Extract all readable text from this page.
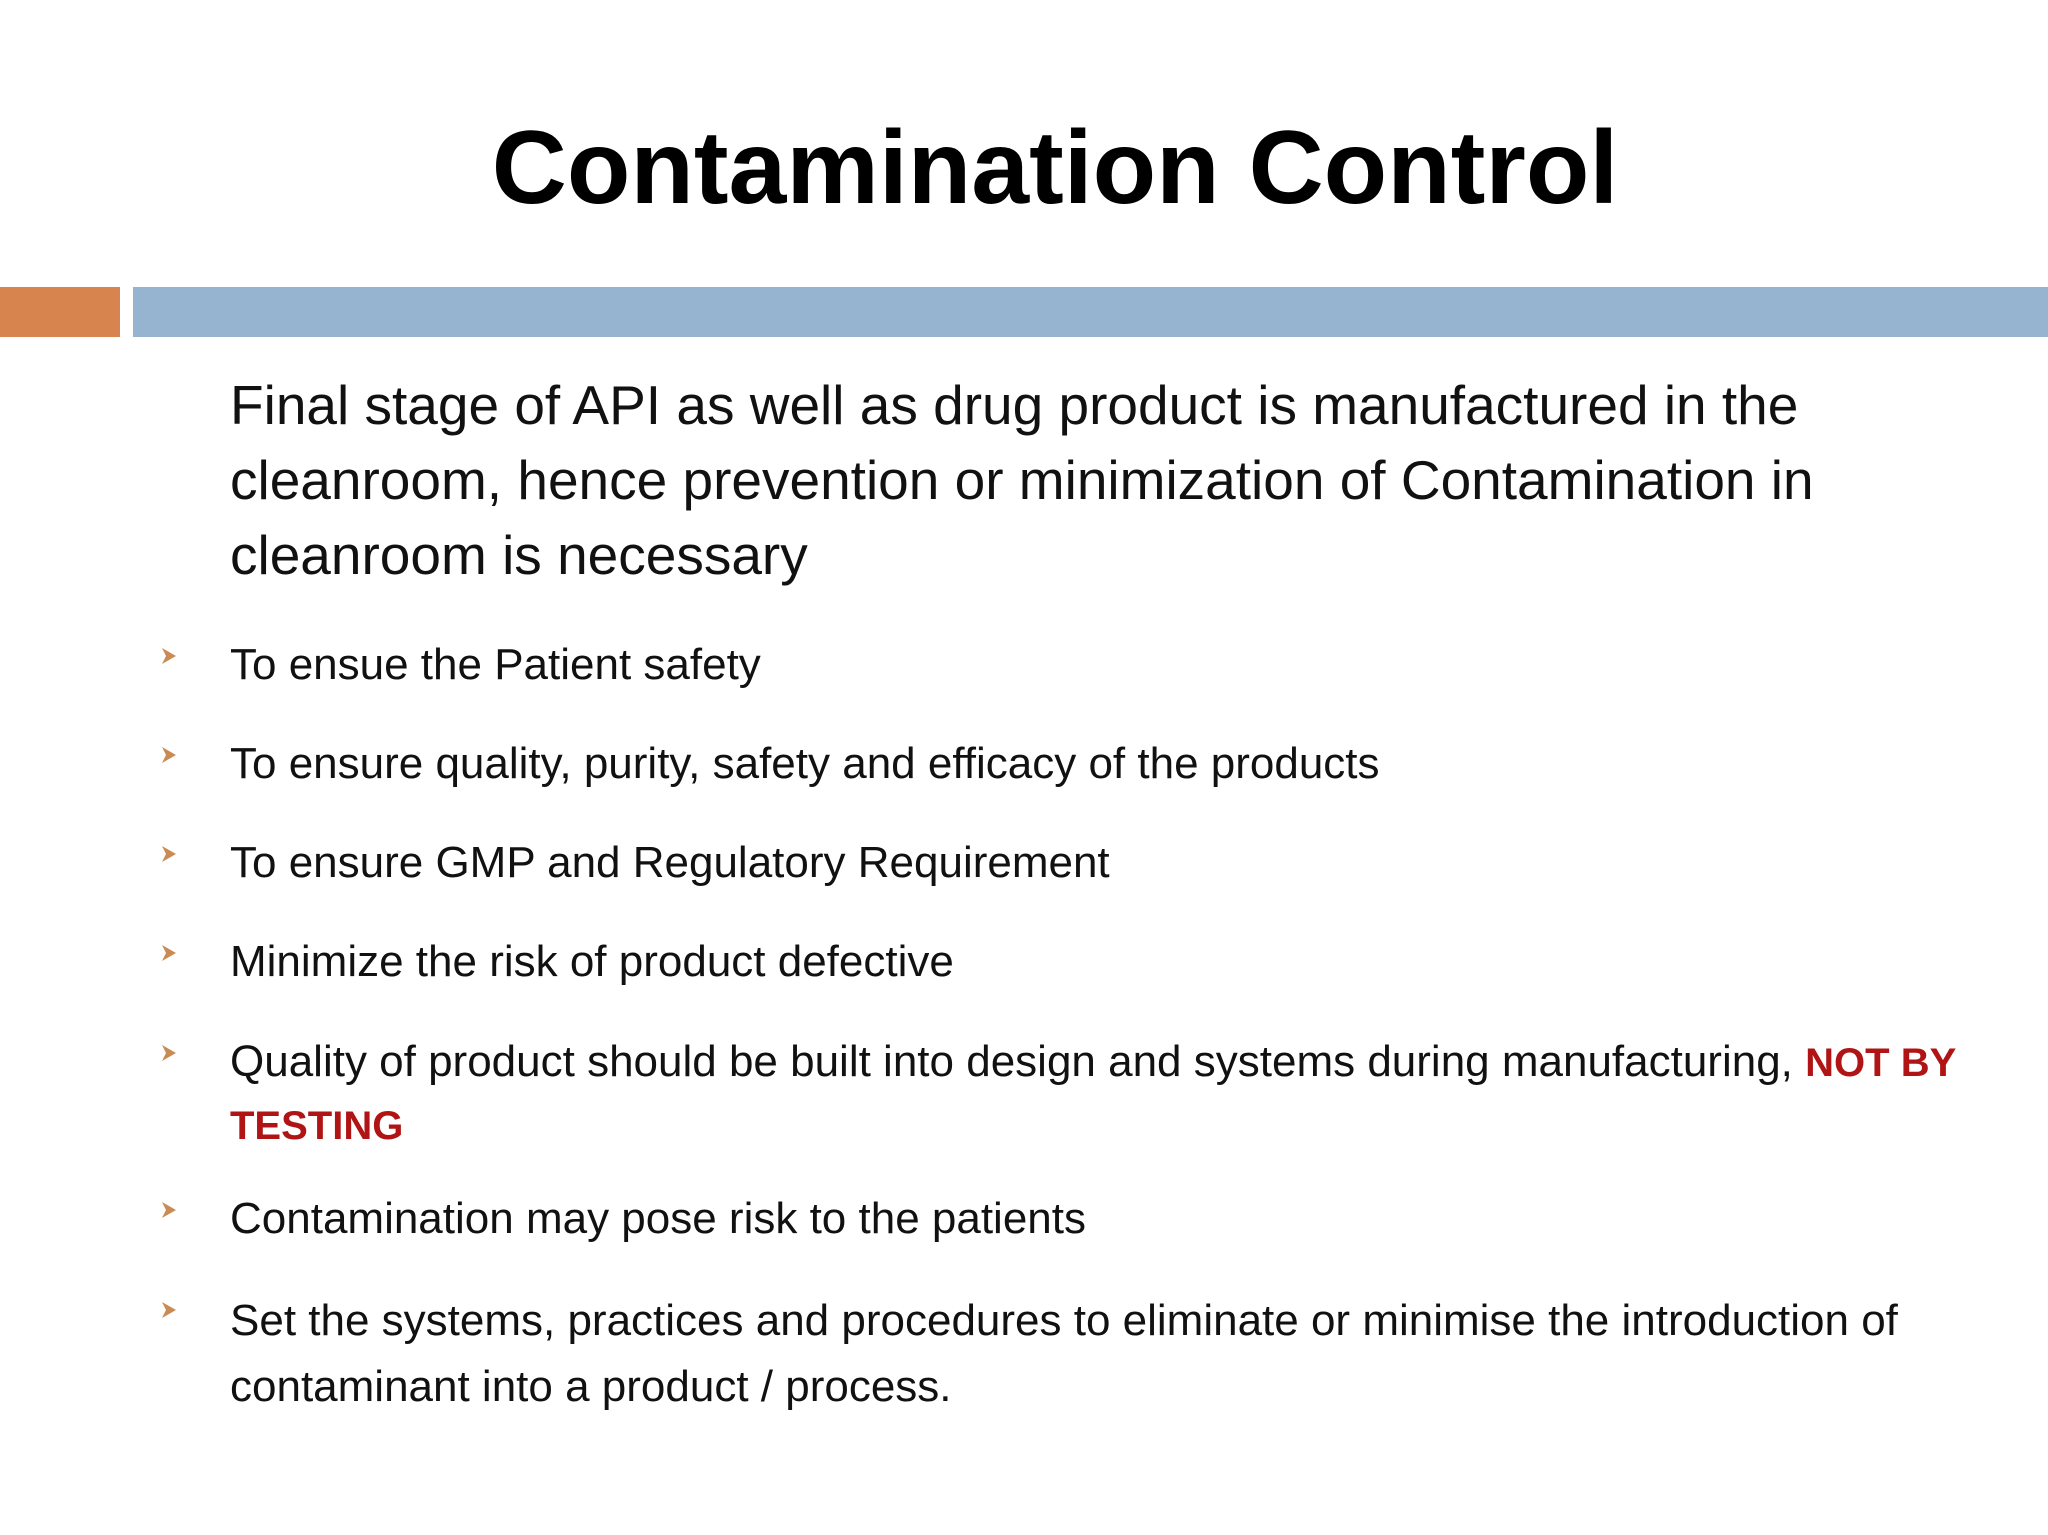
Contamination Control

Final stage of API as well as drug product is manufactured in the cleanroom, hence prevention or minimization of Contamination in cleanroom is necessary

To ensue the Patient safety
To ensure quality, purity, safety and efficacy of the products
To ensure GMP and Regulatory Requirement
Minimize the risk of product defective
Quality of product should be built into design and systems during manufacturing, NOT BY TESTING
Contamination may pose risk to the patients
Set the systems, practices and procedures to eliminate or minimise the introduction of contaminant into a product / process.
